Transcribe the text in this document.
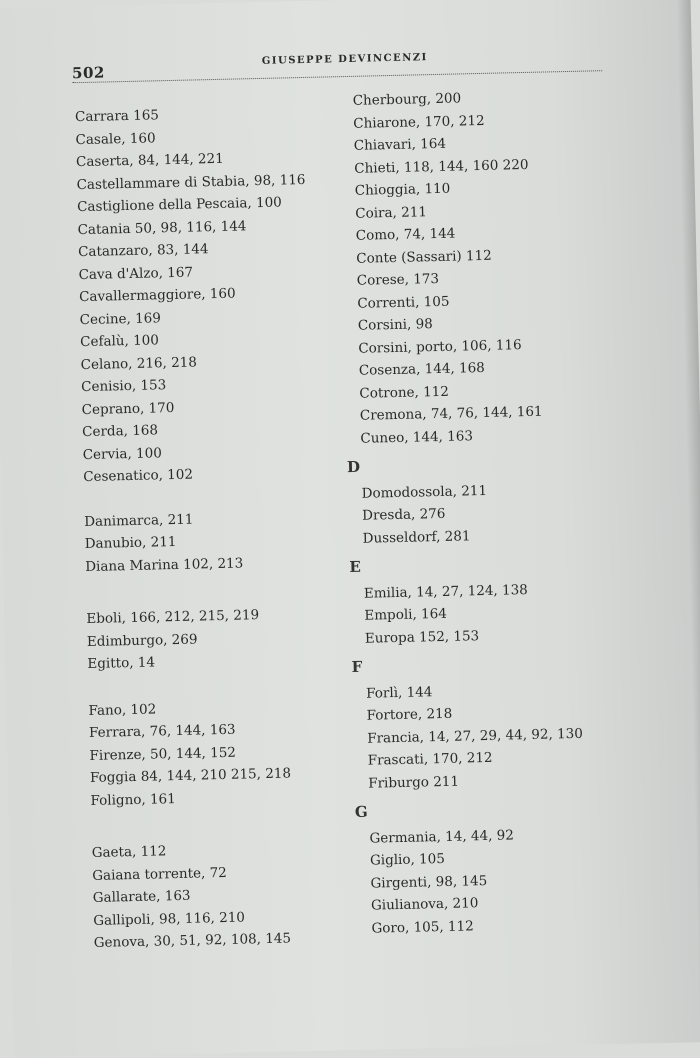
502
GIUSEPPE DEVINCENZI
Carrara 165
Casale, 160
Caserta, 84, 144, 221
Castellammare di Stabia, 98, 116
Castiglione della Pescaia, 100
Catania 50, 98, 116, 144
Catanzaro, 83, 144
Cava d'Alzo, 167
Cavallermaggiore, 160
Cecine, 169
Cefalù, 100
Celano, 216, 218
Cenisio, 153
Ceprano, 170
Cerda, 168
Cervia, 100
Cesenatico, 102
Danimarca, 211
Danubio, 211
Diana Marina 102, 213
Eboli, 166, 212, 215, 219
Edimburgo, 269
Egitto, 14
Fano, 102
Ferrara, 76, 144, 163
Firenze, 50, 144, 152
Foggia 84, 144, 210 215, 218
Foligno, 161
Gaeta, 112
Gaiana torrente, 72
Gallarate, 163
Gallipoli, 98, 116, 210
Genova, 30, 51, 92, 108, 145
Cherbourg, 200
Chiarone, 170, 212
Chiavari, 164
Chieti, 118, 144, 160 220
Chioggia, 110
Coira, 211
Como, 74, 144
Conte (Sassari) 112
Corese, 173
Correnti, 105
Corsini, 98
Corsini, porto, 106, 116
Cosenza, 144, 168
Cotrone, 112
Cremona, 74, 76, 144, 161
Cuneo, 144, 163
D
Domodossola, 211
Dresda, 276
Dusseldorf, 281
E
Emilia, 14, 27, 124, 138
Empoli, 164
Europa 152, 153
F
Forlì, 144
Fortore, 218
Francia, 14, 27, 29, 44, 92, 130
Frascati, 170, 212
Friburgo 211
G
Germania, 14, 44, 92
Giglio, 105
Girgenti, 98, 145
Giulianova, 210
Goro, 105, 112
